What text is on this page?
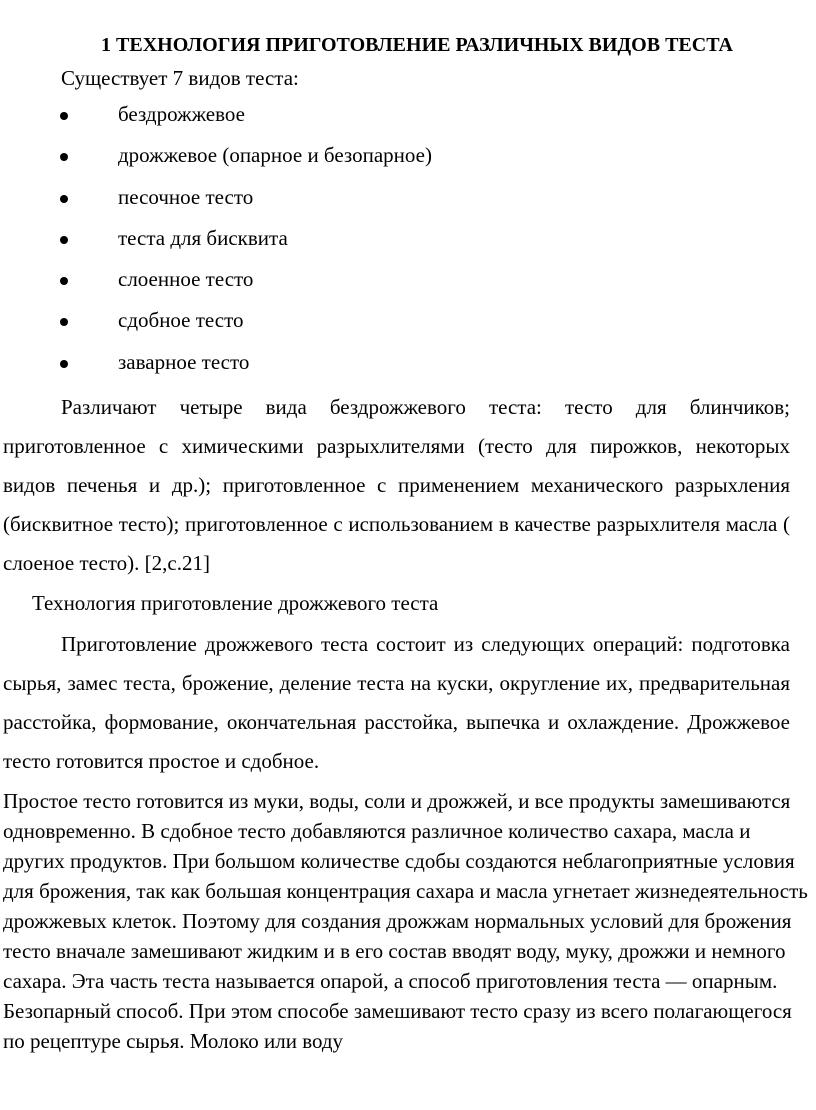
1 ТЕХНОЛОГИЯ ПРИГОТОВЛЕНИЕ РАЗЛИЧНЫХ ВИДОВ ТЕСТА

Существует 7 видов теста:

бездрожжевое
дрожжевое (опарное и безопарное)
песочное тесто
теста для бисквита
слоенное тесто
сдобное тесто
заварное тесто

Различают четыре вида бездрожжевого теста: тесто для блинчиков; приготовленное с химическими разрыхлителями (тесто для пирожков, некоторых видов печенья и др.); приготовленное с применением механического разрыхления (бисквитное тесто); приготовленное с использованием в качестве разрыхлителя масла ( слоеное тесто). [2,с.21]

Технология приготовление дрожжевого теста

Приготовление дрожжевого теста состоит из следующих операций: подготовка сырья, замес теста, брожение, деление теста на куски, округление их, предварительная расстойка, формование, окончательная расстойка, выпечка и охлаждение. Дрожжевое тесто готовится простое и сдобное.

Простое тесто готовится из муки, воды, соли и дрожжей, и все продукты замешиваются одновременно. В сдобное тесто добавляются различное количество сахара, масла и других продуктов. При большом количестве сдобы создаются неблагоприятные условия для брожения, так как большая концентрация сахара и масла угнетает жизнедеятельность дрожжевых клеток. Поэтому для создания дрожжам нормальных условий для брожения тесто вначале замешивают жидким и в его состав вводят воду, муку, дрожжи и немного сахара. Эта часть теста называется опарой, а способ приготовления теста — опарным. Безопарный способ. При этом способе замешивают тесто сразу из всего полагающегося по рецептуре сырья. Молоко или воду
